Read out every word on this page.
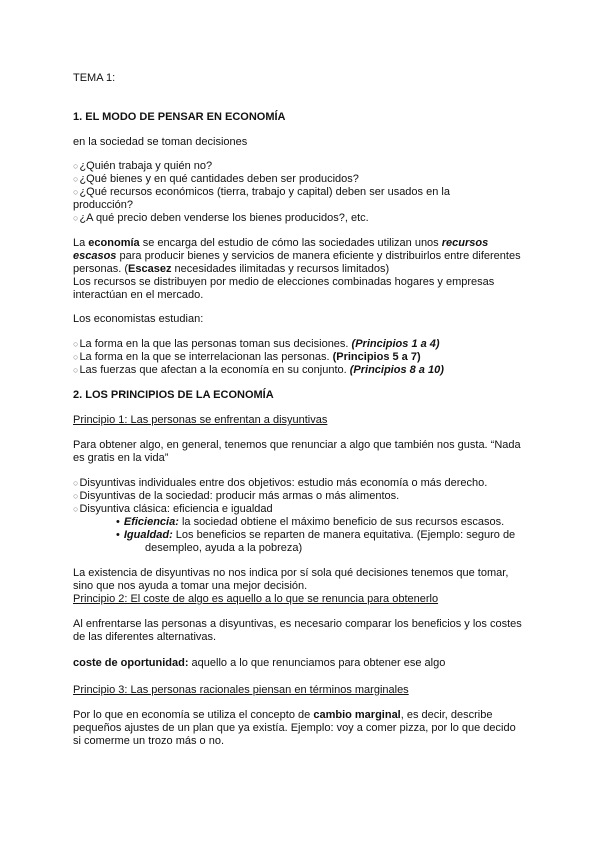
TEMA 1:
1. EL MODO DE PENSAR EN ECONOMÍA
en la sociedad se toman decisiones
○¿Quién trabaja y quién no?
○¿Qué bienes y en qué cantidades deben ser producidos?
○¿Qué recursos económicos (tierra, trabajo y capital) deben ser usados en la
producción?
○¿A qué precio deben venderse los bienes producidos?, etc.
La economía se encarga del estudio de cómo las sociedades utilizan unos recursos
escasos para producir bienes y servicios de manera eficiente y distribuirlos entre diferentes
personas. (Escasez necesidades ilimitadas y recursos limitados)
Los recursos se distribuyen por medio de elecciones combinadas hogares y empresas
interactúan en el mercado.
Los economistas estudian:
○La forma en la que las personas toman sus decisiones. (Principios 1 a 4)
○La forma en la que se interrelacionan las personas. (Principios 5 a 7)
○Las fuerzas que afectan a la economía en su conjunto. (Principios 8 a 10)
2. LOS PRINCIPIOS DE LA ECONOMÍA
Principio 1: Las personas se enfrentan a disyuntivas
Para obtener algo, en general, tenemos que renunciar a algo que también nos gusta. “Nada
es gratis en la vida”
○Disyuntivas individuales entre dos objetivos: estudio más economía o más derecho.
○Disyuntivas de la sociedad: producir más armas o más alimentos.
○Disyuntiva clásica: eficiencia e igualdad
• Eficiencia: la sociedad obtiene el máximo beneficio de sus recursos escasos.
• Igualdad: Los beneficios se reparten de manera equitativa. (Ejemplo: seguro de
desempleo, ayuda a la pobreza)
La existencia de disyuntivas no nos indica por sí sola qué decisiones tenemos que tomar,
sino que nos ayuda a tomar una mejor decisión.
Principio 2: El coste de algo es aquello a lo que se renuncia para obtenerlo
Al enfrentarse las personas a disyuntivas, es necesario comparar los beneficios y los costes
de las diferentes alternativas.
coste de oportunidad: aquello a lo que renunciamos para obtener ese algo
Principio 3: Las personas racionales piensan en términos marginales
Por lo que en economía se utiliza el concepto de cambio marginal, es decir, describe
pequeños ajustes de un plan que ya existía. Ejemplo: voy a comer pizza, por lo que decido
si comerme un trozo más o no.
